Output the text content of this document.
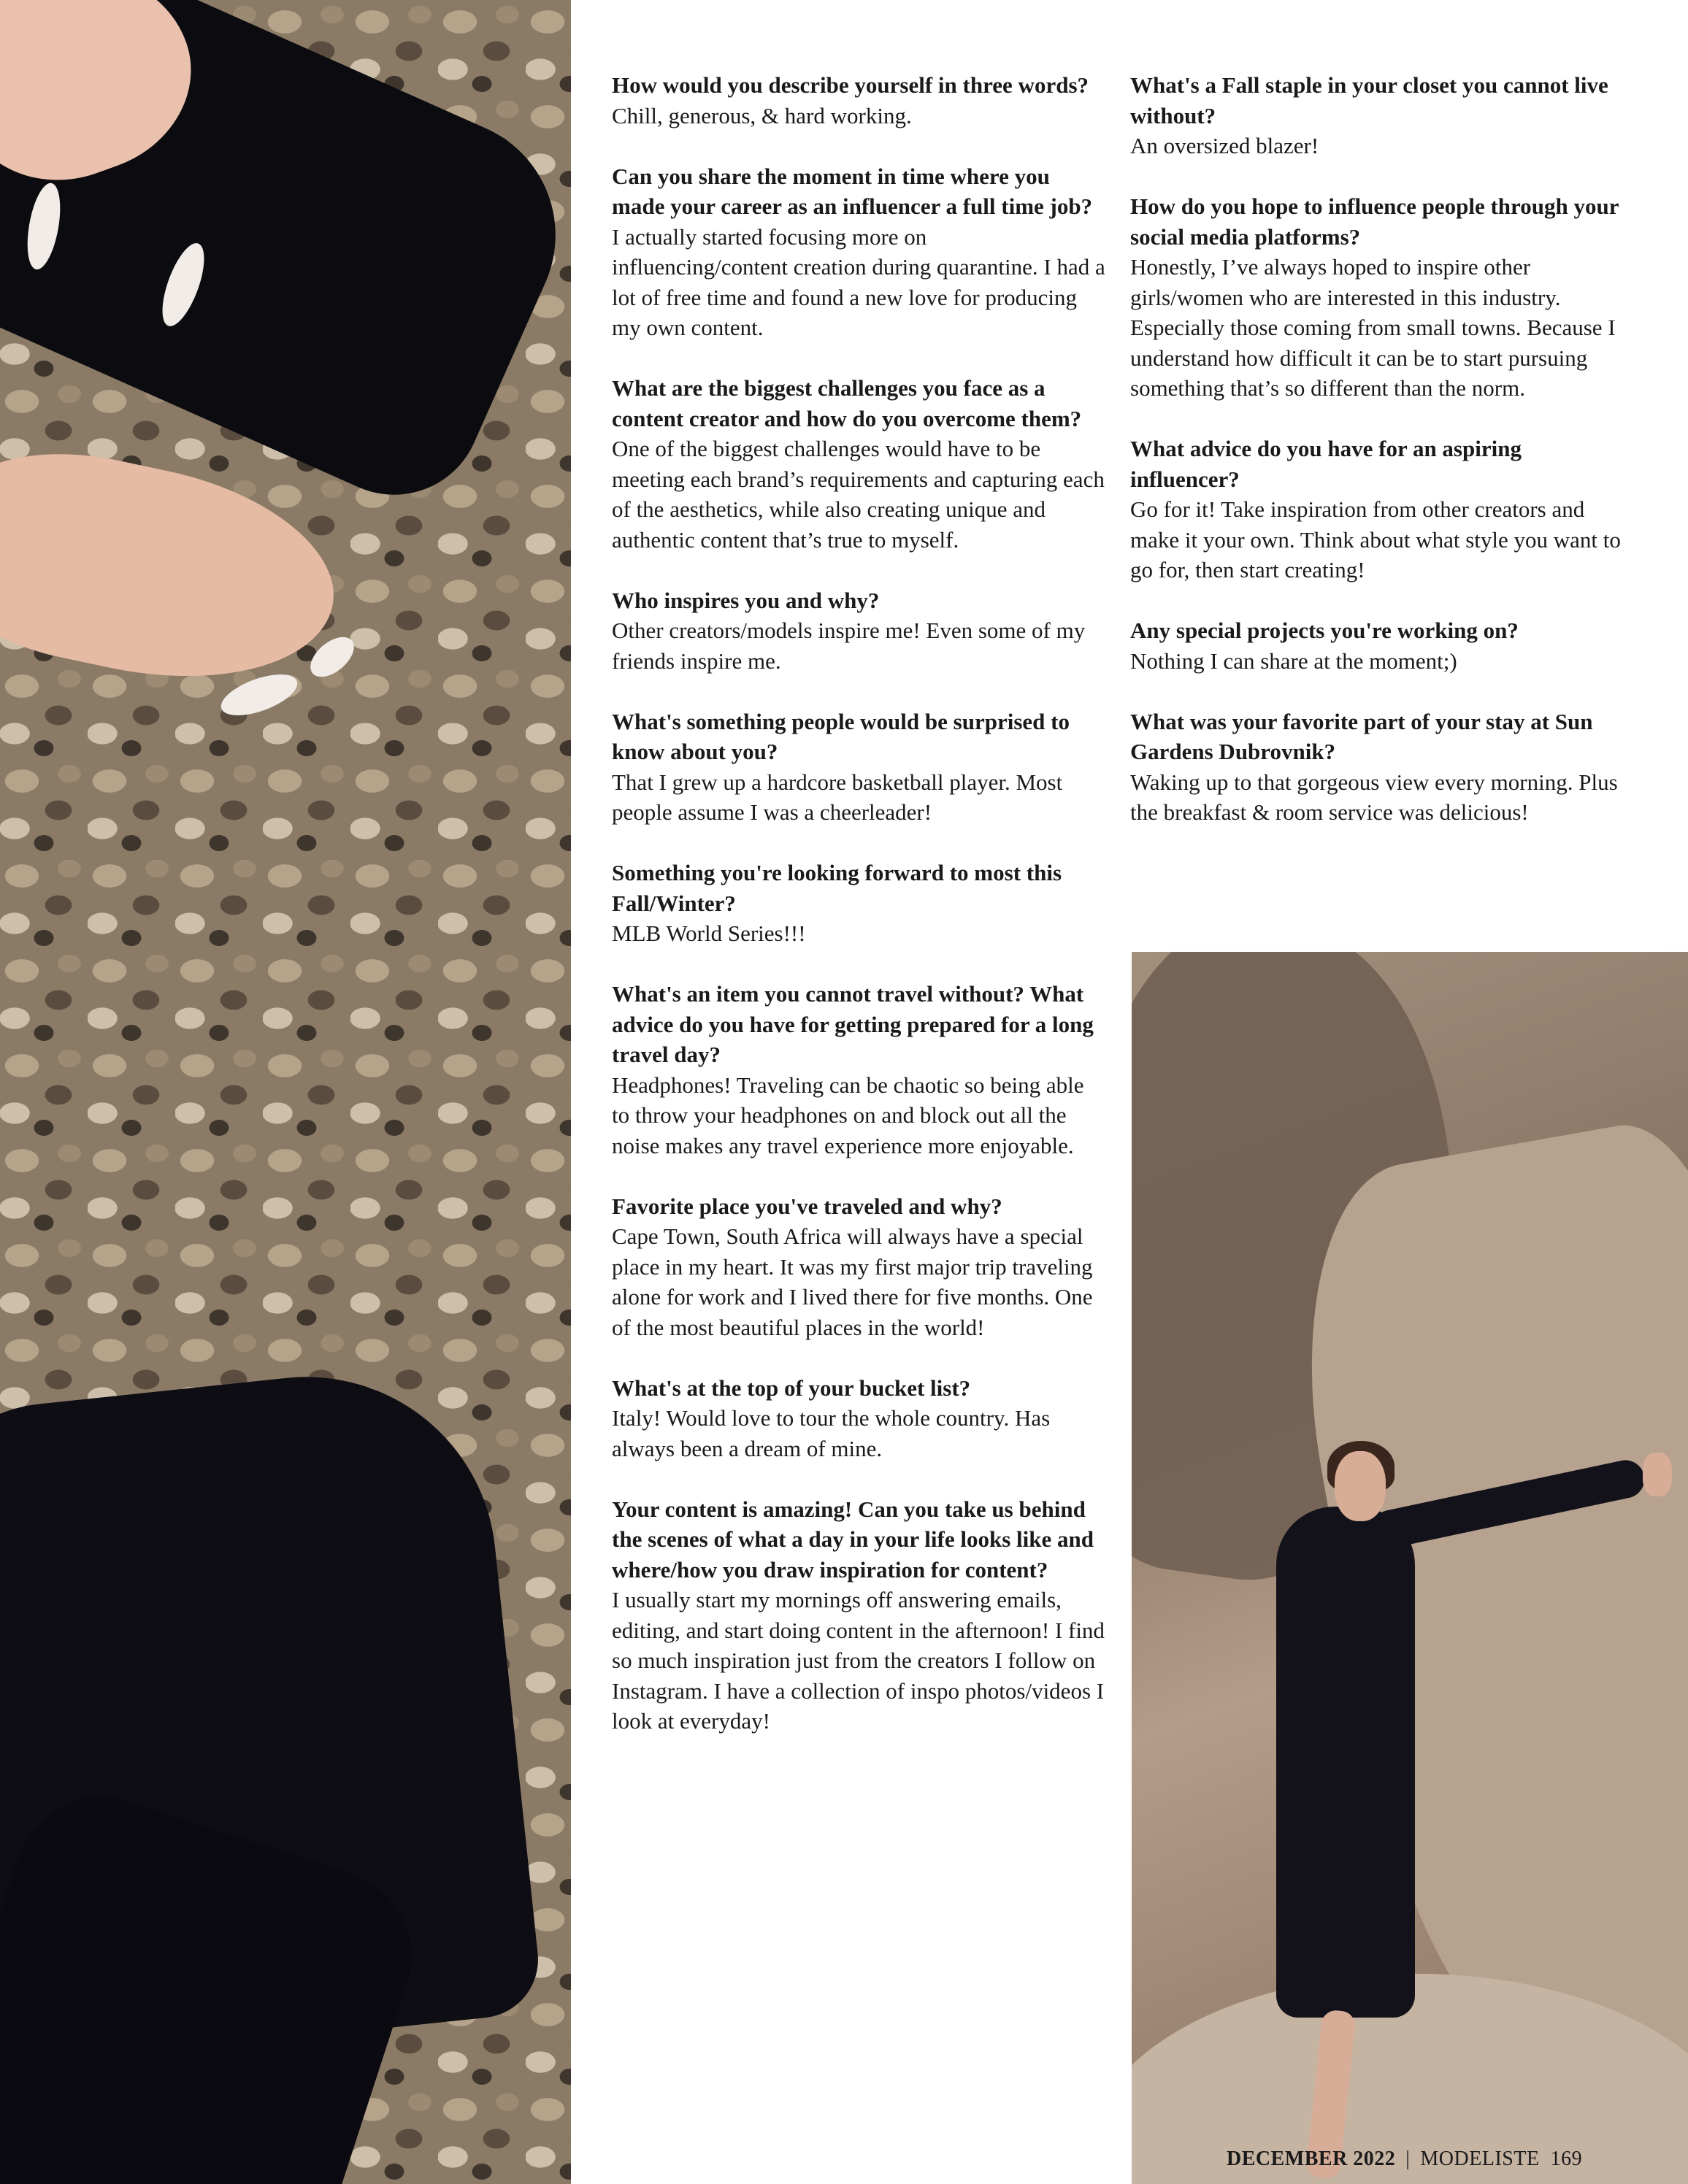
How would you describe yourself in three words?
Chill, generous, & hard working.
Can you share the moment in time where you made your career as an influencer a full time job?
I actually started focusing more on influencing/content creation during quarantine. I had a lot of free time and found a new love for producing my own content.
What are the biggest challenges you face as a content creator and how do you overcome them?
One of the biggest challenges would have to be meeting each brand’s requirements and capturing each of the aesthetics, while also creating unique and authentic content that’s true to myself.
Who inspires you and why?
Other creators/models inspire me! Even some of my friends inspire me.
What's something people would be surprised to know about you?
That I grew up a hardcore basketball player. Most people assume I was a cheerleader!
Something you're looking forward to most this Fall/Winter?
MLB World Series!!!
What's an item you cannot travel without? What advice do you have for getting prepared for a long travel day?
Headphones! Traveling can be chaotic so being able to throw your headphones on and block out all the noise makes any travel experience more enjoyable.
Favorite place you've traveled and why?
Cape Town, South Africa will always have a special place in my heart. It was my first major trip traveling alone for work and I lived there for five months. One of the most beautiful places in the world!
What's at the top of your bucket list?
Italy! Would love to tour the whole country. Has always been a dream of mine.
Your content is amazing! Can you take us behind the scenes of what a day in your life looks like and where/how you draw inspiration for content?
I usually start my mornings off answering emails, editing, and start doing content in the afternoon! I find so much inspiration just from the creators I follow on Instagram. I have a collection of inspo photos/videos I look at everyday!
What's a Fall staple in your closet you cannot live without?
An oversized blazer!
How do you hope to influence people through your social media platforms?
Honestly, I’ve always hoped to inspire other girls/women who are interested in this industry. Especially those coming from small towns. Because I understand how difficult it can be to start pursuing something that’s so different than the norm.
What advice do you have for an aspiring influencer?
Go for it! Take inspiration from other creators and make it your own. Think about what style you want to go for, then start creating!
Any special projects you're working on?
Nothing I can share at the moment;)
What was your favorite part of your stay at Sun Gardens Dubrovnik?
Waking up to that gorgeous view every morning. Plus the breakfast & room service was delicious!
DECEMBER 2022 | MODELISTE 169
